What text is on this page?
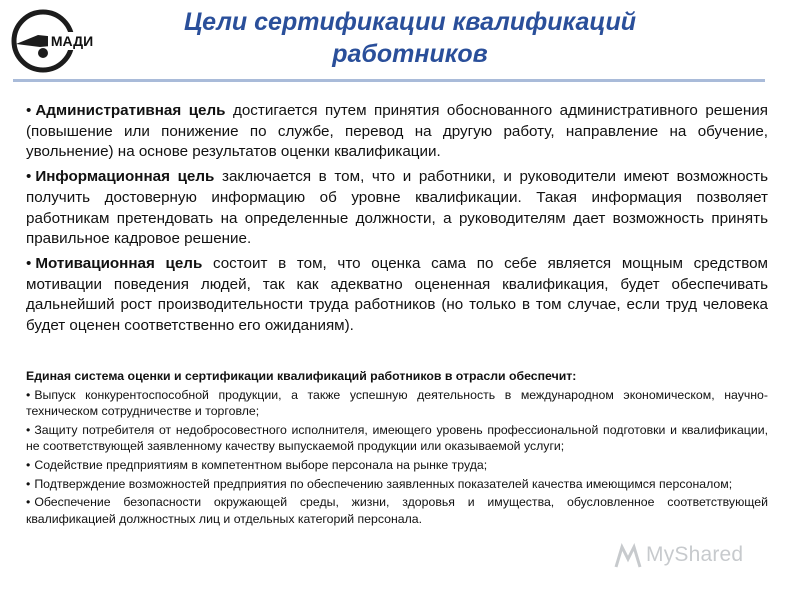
МАДИ
Цели сертификации квалификаций
работников

• Административная цель достигается путем принятия обоснованного административного решения (повышение или понижение по службе, перевод на другую работу, направление на обучение, увольнение) на основе результатов оценки квалификации.

• Информационная цель заключается в том, что и работники, и руководители имеют возможность получить достоверную информацию об уровне квалификации. Такая информация позволяет работникам претендовать на определенные должности, а руководителям дает возможность принять правильное кадровое решение.

• Мотивационная цель состоит в том, что оценка сама по себе является мощным средством мотивации поведения людей, так как адекватно оцененная квалификация, будет обеспечивать дальнейший рост производительности труда работников (но только в том случае, если труд человека будет оценен соответственно его ожиданиям).

Единая система оценки и сертификации квалификаций работников в отрасли обеспечит:

• Выпуск конкурентоспособной продукции, а также успешную деятельность в международном экономическом, научно-техническом сотрудничестве и торговле;

• Защиту потребителя от недобросовестного исполнителя, имеющего уровень профессиональной подготовки и квалификации, не соответствующей заявленному качеству выпускаемой продукции или оказываемой услуги;

• Содействие предприятиям в компетентном выборе персонала на рынке труда;

• Подтверждение возможностей предприятия по обеспечению заявленных показателей качества имеющимся персоналом;

• Обеспечение безопасности окружающей среды, жизни, здоровья и имущества, обусловленное соответствующей квалификацией должностных лиц и отдельных категорий персонала.

MyShared
